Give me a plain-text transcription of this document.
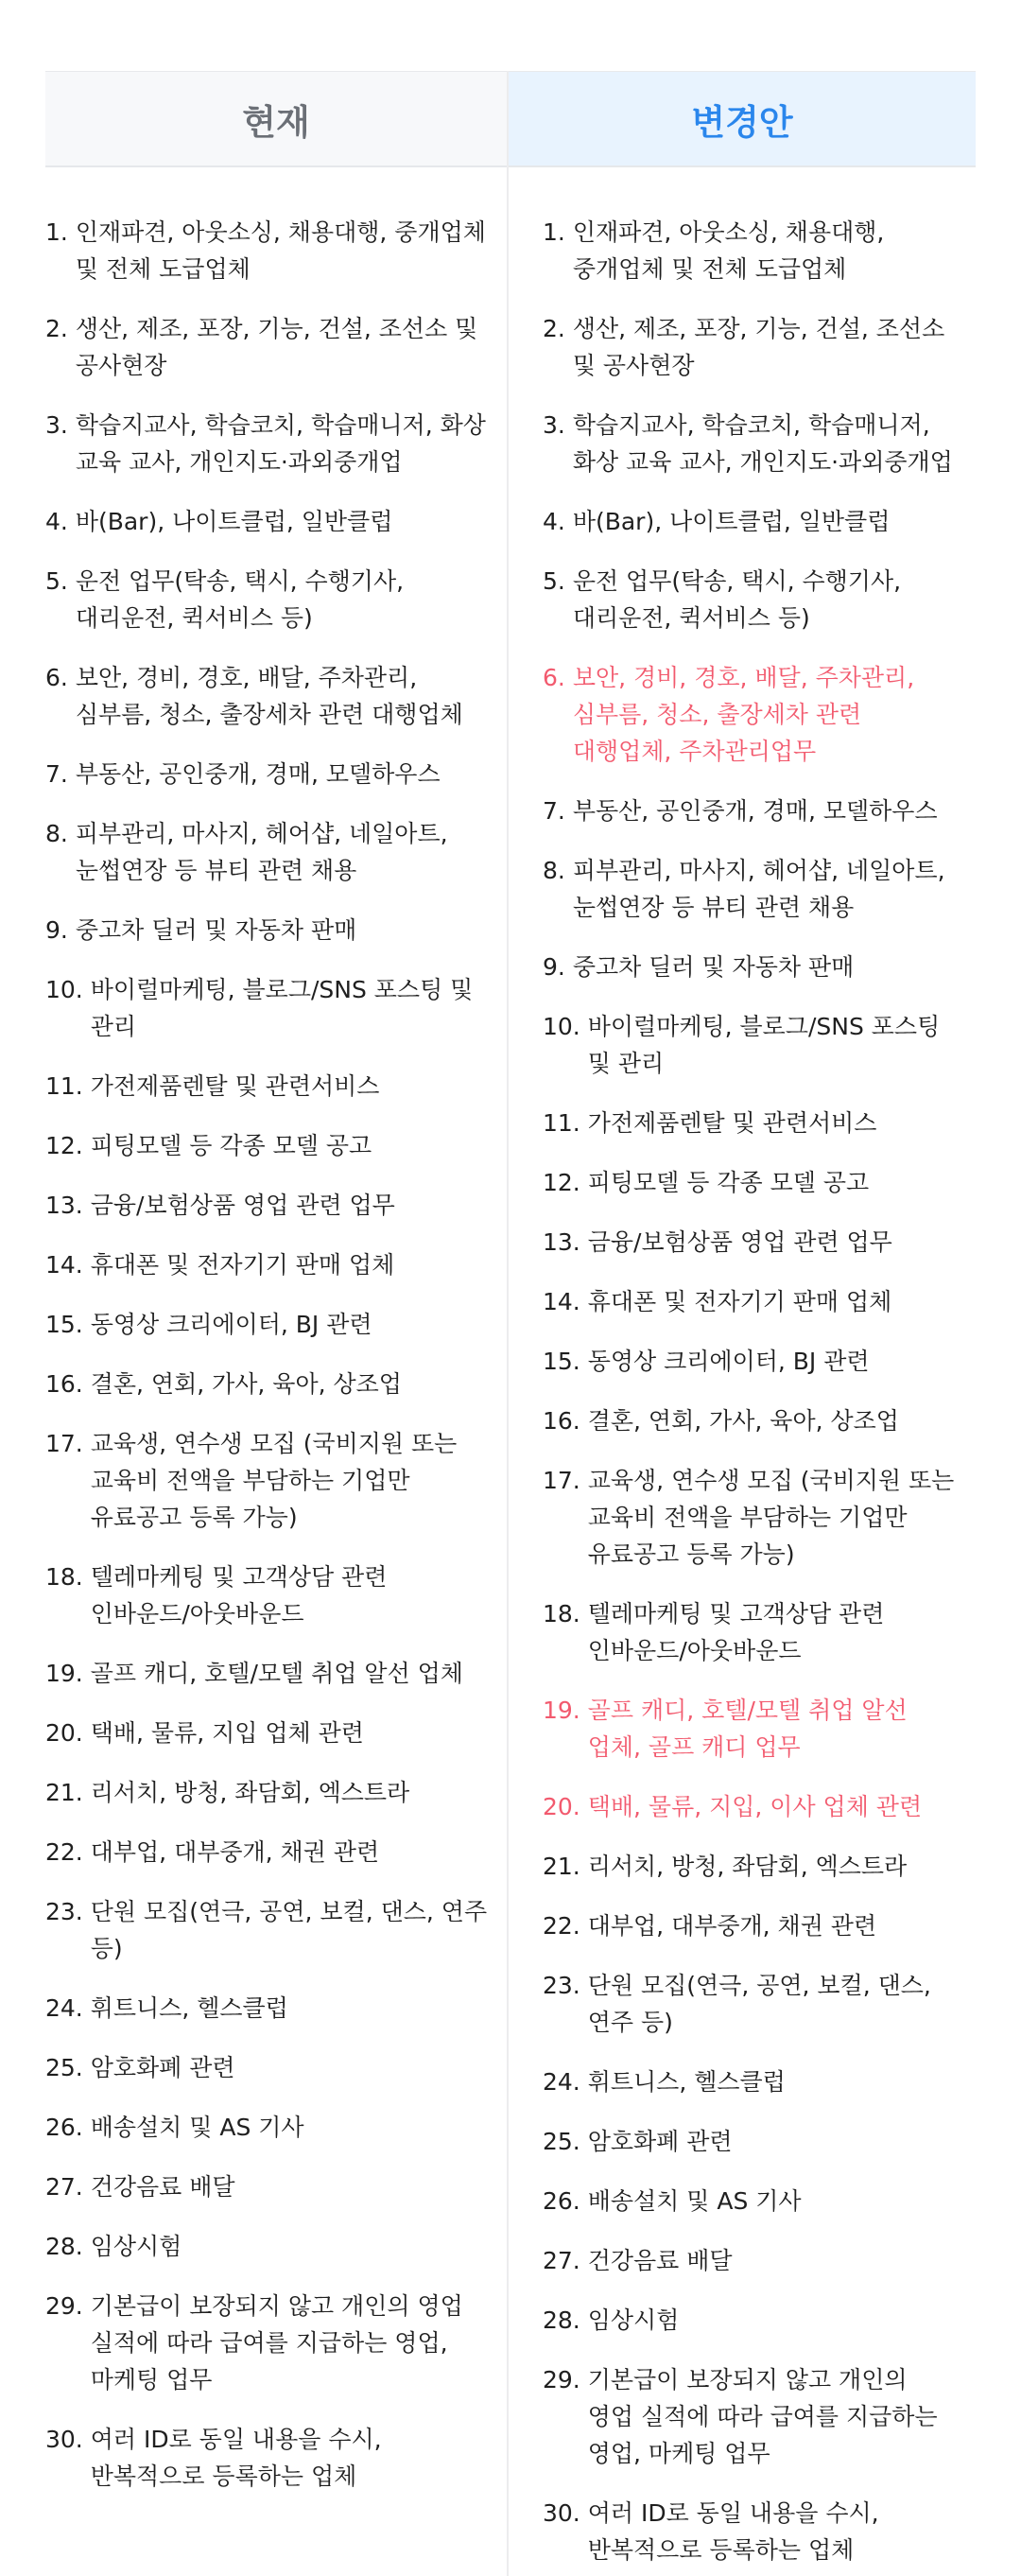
현재
1.
인재파견, 아웃소싱, 채용대행, 중개업체 및 전체 도급업체
2.
생산, 제조, 포장, 기능, 건설, 조선소 및 공사현장
3.
학습지교사, 학습코치, 학습매니저, 화상 교육 교사, 개인지도·과외중개업
4.
바(Bar), 나이트클럽, 일반클럽
5.
운전 업무(탁송, 택시, 수행기사, 대리운전, 퀵서비스 등)
6.
보안, 경비, 경호, 배달, 주차관리, 심부름, 청소, 출장세차 관련 대행업체
7.
부동산, 공인중개, 경매, 모델하우스
8.
피부관리, 마사지, 헤어샵, 네일아트, 눈썹연장 등 뷰티 관련 채용
9.
중고차 딜러 및 자동차 판매
10.
바이럴마케팅, 블로그/SNS 포스팅 및 관리
11.
가전제품렌탈 및 관련서비스
12.
피팅모델 등 각종 모델 공고
13.
금융/보험상품 영업 관련 업무
14.
휴대폰 및 전자기기 판매 업체
15.
동영상 크리에이터, BJ 관련
16.
결혼, 연회, 가사, 육아, 상조업
17.
교육생, 연수생 모집 (국비지원 또는 교육비 전액을 부담하는 기업만 유료공고 등록 가능)
18.
텔레마케팅 및 고객상담 관련 인바운드/아웃바운드
19.
골프 캐디, 호텔/모텔 취업 알선 업체
20.
택배, 물류, 지입 업체 관련
21.
리서치, 방청, 좌담회, 엑스트라
22.
대부업, 대부중개, 채권 관련
23.
단원 모집(연극, 공연, 보컬, 댄스, 연주 등)
24.
휘트니스, 헬스클럽
25.
암호화폐 관련
26.
배송설치 및 AS 기사
27.
건강음료 배달
28.
임상시험
29.
기본급이 보장되지 않고 개인의 영업 실적에 따라 급여를 지급하는 영업, 마케팅 업무
30.
여러 ID로 동일 내용을 수시, 반복적으로 등록하는 업체
변경안
1.
인재파견, 아웃소싱, 채용대행, 중개업체 및 전체 도급업체
2.
생산, 제조, 포장, 기능, 건설, 조선소 및 공사현장
3.
학습지교사, 학습코치, 학습매니저, 화상 교육 교사, 개인지도·과외중개업
4.
바(Bar), 나이트클럽, 일반클럽
5.
운전 업무(탁송, 택시, 수행기사, 대리운전, 퀵서비스 등)
6.
보안, 경비, 경호, 배달, 주차관리, 심부름, 청소, 출장세차 관련 대행업체, 주차관리업무
7.
부동산, 공인중개, 경매, 모델하우스
8.
피부관리, 마사지, 헤어샵, 네일아트, 눈썹연장 등 뷰티 관련 채용
9.
중고차 딜러 및 자동차 판매
10.
바이럴마케팅, 블로그/SNS 포스팅 및 관리
11.
가전제품렌탈 및 관련서비스
12.
피팅모델 등 각종 모델 공고
13.
금융/보험상품 영업 관련 업무
14.
휴대폰 및 전자기기 판매 업체
15.
동영상 크리에이터, BJ 관련
16.
결혼, 연회, 가사, 육아, 상조업
17.
교육생, 연수생 모집 (국비지원 또는 교육비 전액을 부담하는 기업만 유료공고 등록 가능)
18.
텔레마케팅 및 고객상담 관련 인바운드/아웃바운드
19.
골프 캐디, 호텔/모텔 취업 알선 업체, 골프 캐디 업무
20.
택배, 물류, 지입, 이사 업체 관련
21.
리서치, 방청, 좌담회, 엑스트라
22.
대부업, 대부중개, 채권 관련
23.
단원 모집(연극, 공연, 보컬, 댄스, 연주 등)
24.
휘트니스, 헬스클럽
25.
암호화폐 관련
26.
배송설치 및 AS 기사
27.
건강음료 배달
28.
임상시험
29.
기본급이 보장되지 않고 개인의 영업 실적에 따라 급여를 지급하는 영업, 마케팅 업무
30.
여러 ID로 동일 내용을 수시, 반복적으로 등록하는 업체
